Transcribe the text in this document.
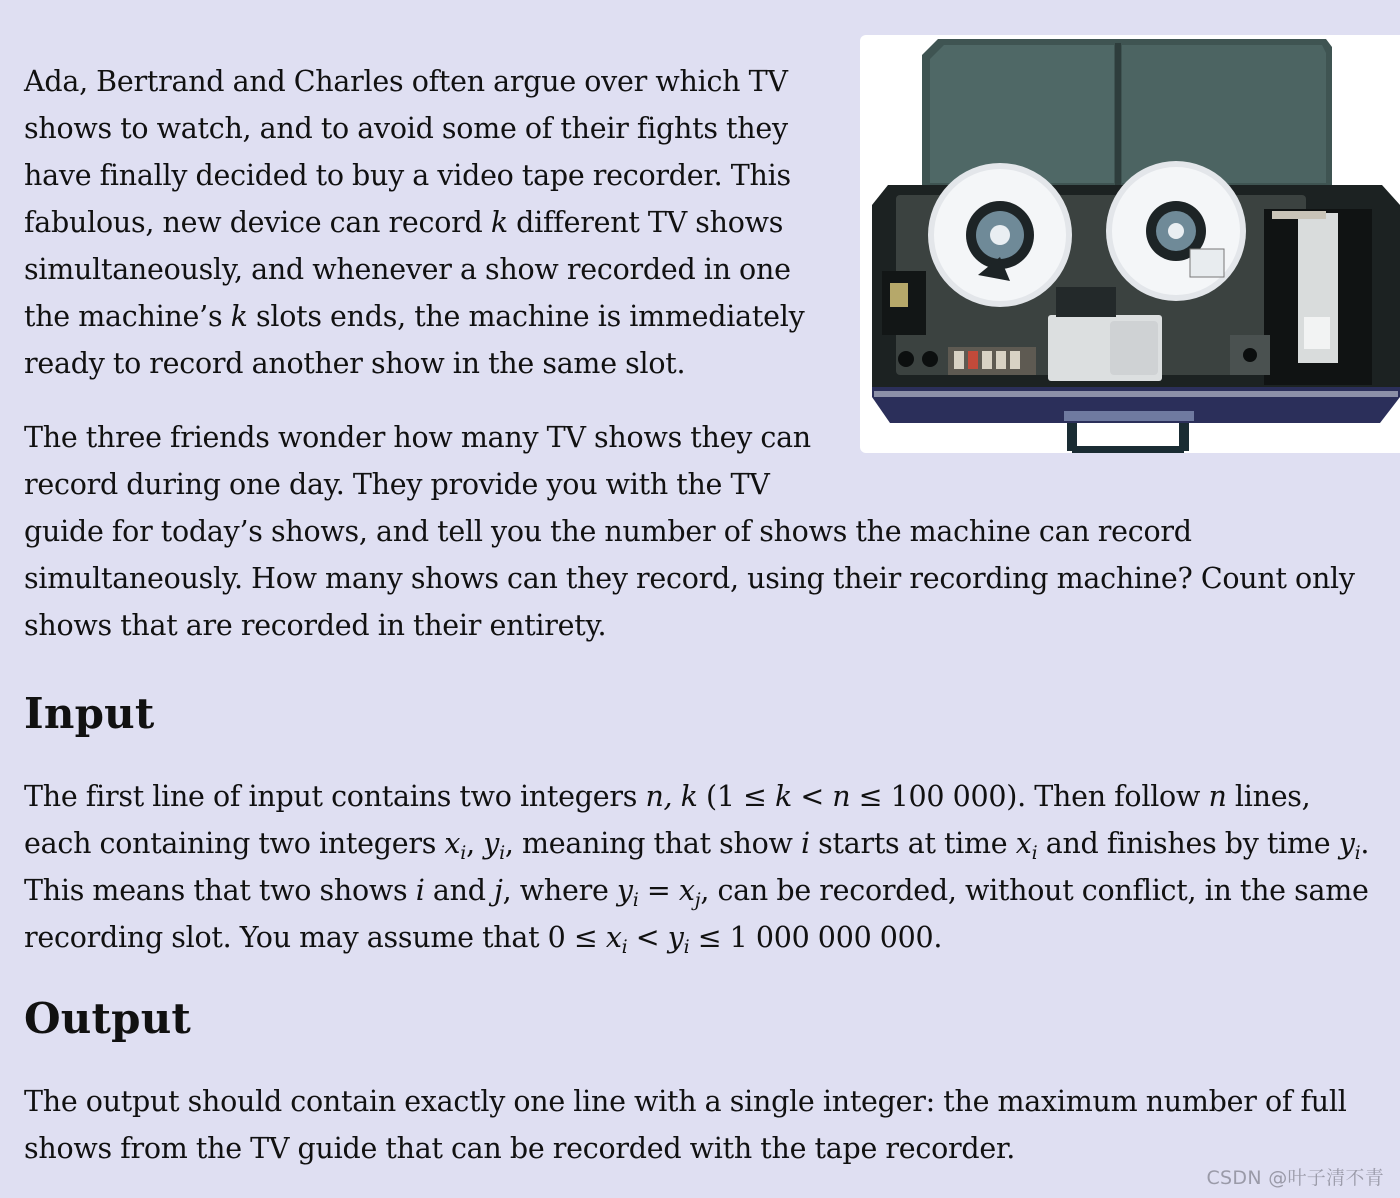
Ada, Bertrand and Charles often argue over which TV shows to watch, and to avoid some of their fights they have finally decided to buy a video tape recorder. This fabulous, new device can record k different TV shows simultaneously, and whenever a show recorded in one the machine’s k slots ends, the machine is immediately ready to record another show in the same slot.

The three friends wonder how many TV shows they can record during one day. They provide you with the TV guide for today’s shows, and tell you the number of shows the machine can record simultaneously. How many shows can they record, using their recording machine? Count only shows that are recorded in their entirety.

Input

The first line of input contains two integers n, k (1 ≤ k < n ≤ 100 000). Then follow n lines, each containing two integers $x_i$, $y_i$, meaning that show i starts at time $x_i$ and finishes by time $y_i$. This means that two shows i and j, where $y_i = x_j$, can be recorded, without conflict, in the same recording slot. You may assume that $0 \le x_i < y_i \le 1$ 000 000 000.

Output

The output should contain exactly one line with a single integer: the maximum number of full shows from the TV guide that can be recorded with the tape recorder.

CSDN @叶子清不青
